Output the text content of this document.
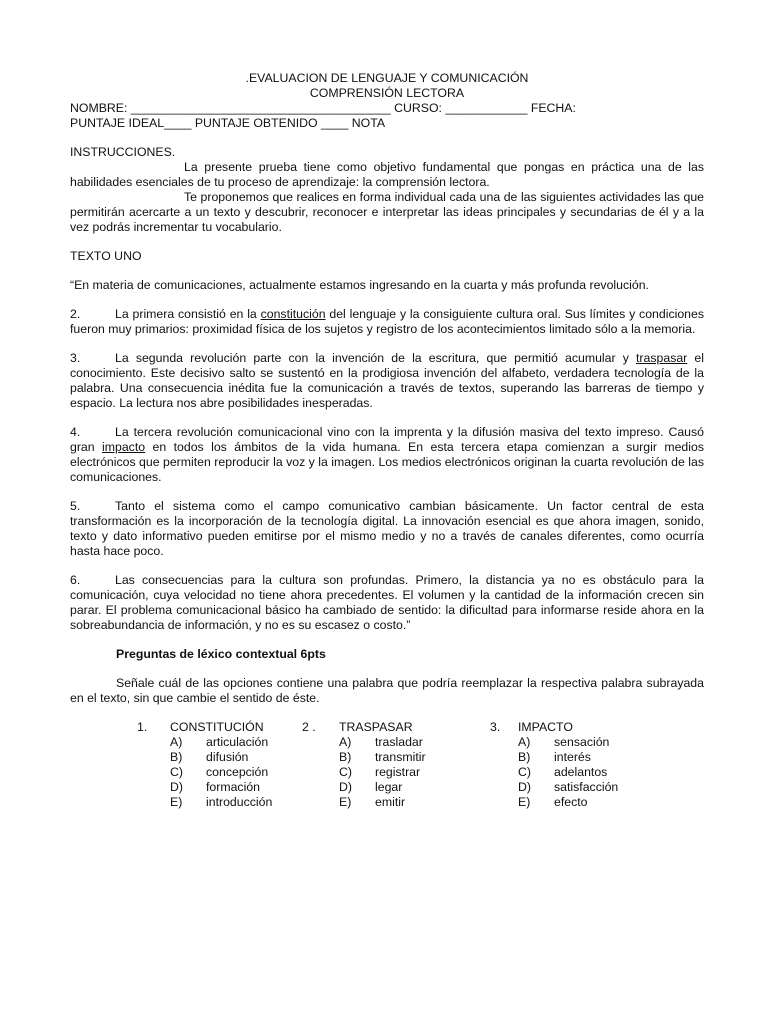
.EVALUACION DE LENGUAJE Y COMUNICACIÓN

COMPRENSIÓN LECTORA

NOMBRE: ______________________________________ CURSO: ____________ FECHA:

PUNTAJE IDEAL____ PUNTAJE OBTENIDO ____ NOTA

INSTRUCCIONES.

La presente prueba tiene como objetivo fundamental que pongas en práctica una de las habilidades esenciales de tu proceso de aprendizaje: la comprensión lectora.

Te proponemos que realices en forma individual cada una de las siguientes actividades las que permitirán acercarte a un texto y descubrir, reconocer e interpretar las ideas principales y secundarias de él y a la vez podrás incrementar tu vocabulario.

TEXTO UNO

“En materia de comunicaciones, actualmente estamos ingresando en la cuarta y más profunda revolución.

2.	La primera consistió en la constitución del lenguaje y la consiguiente cultura oral. Sus límites y condiciones fueron muy primarios: proximidad física de los sujetos y registro de los acontecimientos limitado sólo a la memoria.

3.	La segunda revolución parte con la invención de la escritura, que permitió acumular y traspasar el conocimiento. Este decisivo salto se sustentó en la prodigiosa invención del alfabeto, verdadera tecnología de la palabra. Una consecuencia inédita fue la comunicación a través de textos, superando las barreras de tiempo y espacio. La lectura nos abre posibilidades inesperadas.

4.	La tercera revolución comunicacional vino con la imprenta y la difusión masiva del texto impreso. Causó gran impacto en todos los ámbitos de la vida humana. En esta tercera etapa comienzan a surgir medios electrónicos que permiten reproducir la voz y la imagen. Los medios electrónicos originan la cuarta revolución de las comunicaciones.

5.	Tanto el sistema como el campo comunicativo cambian básicamente. Un factor central de esta transformación es la incorporación de la tecnología digital. La innovación esencial es que ahora imagen, sonido, texto y dato informativo pueden emitirse por el mismo medio y no a través de canales diferentes, como ocurría hasta hace poco.

6.	Las consecuencias para la cultura son profundas. Primero, la distancia ya no es obstáculo para la comunicación, cuya velocidad no tiene ahora precedentes. El volumen y la cantidad de la información crecen sin parar. El problema comunicacional básico ha cambiado de sentido: la dificultad para informarse reside ahora en la sobreabundancia de información, y no es su escasez o costo.”

Preguntas de léxico contextual 6pts

Señale cuál de las opciones contiene una palabra que podría reemplazar la respectiva palabra subrayada en el texto, sin que cambie el sentido de éste.

1. CONSTITUCIÓN
A) articulación
B) difusión
C) concepción
D) formación
E) introducción
2 . TRASPASAR
A) trasladar
B) transmitir
C) registrar
D) legar
E) emitir
3. IMPACTO
A) sensación
B) interés
C) adelantos
D) satisfacción
E) efecto
